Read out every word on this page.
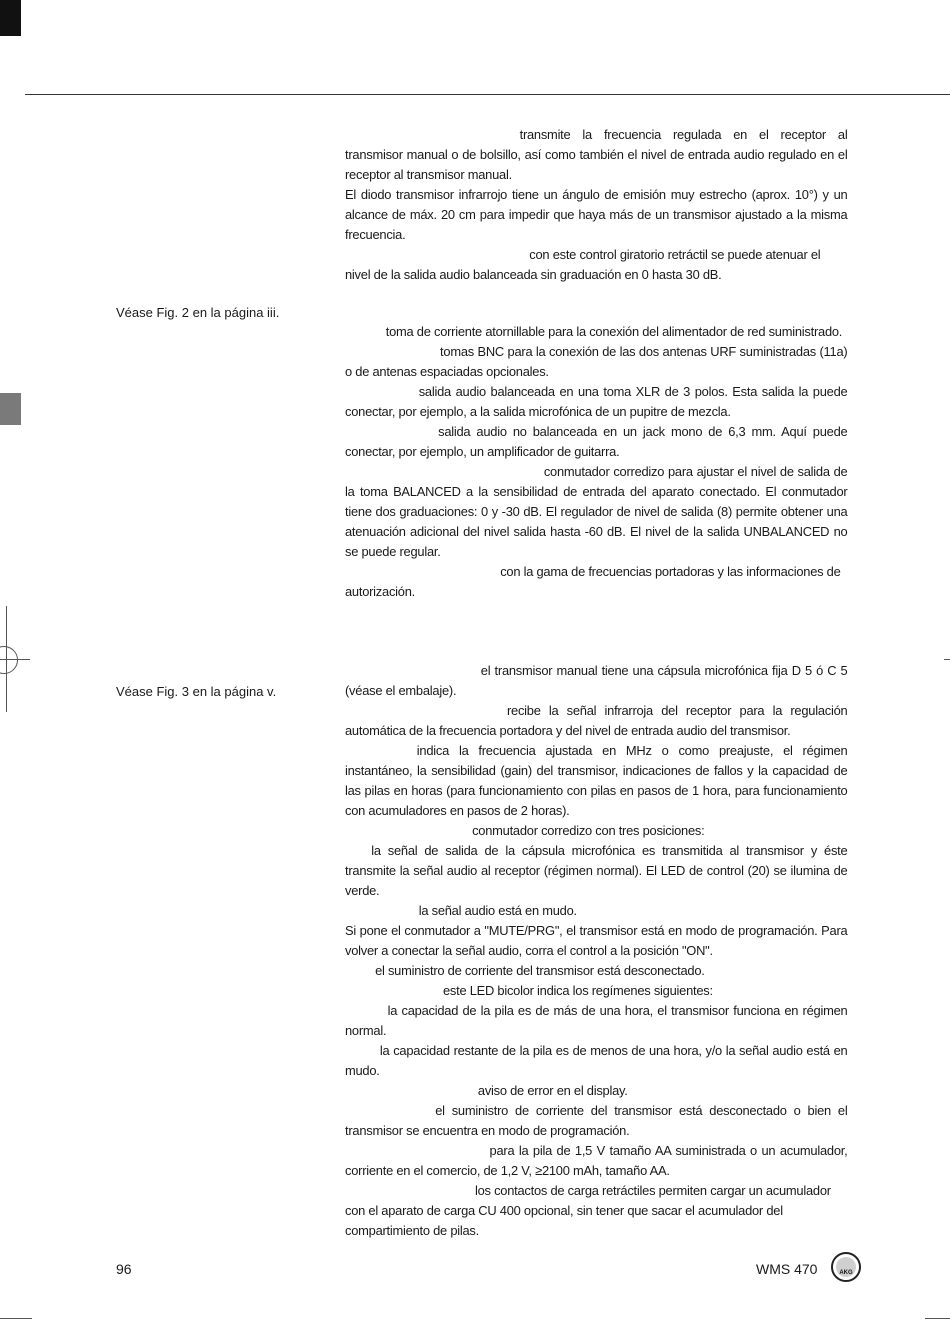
Véase Fig. 2 en la página iii.
Véase Fig. 3 en la página v.

transmite la frecuencia regulada en el receptor al transmisor manual o de bolsillo, así como también el nivel de entrada audio regulado en el receptor al transmisor manual.

El diodo transmisor infrarrojo tiene un ángulo de emisión muy estrecho (aprox. 10°) y un alcance de máx. 20 cm para impedir que haya más de un transmisor ajustado a la misma frecuencia.

con este control giratorio retráctil se puede atenuar el nivel de la salida audio balanceada sin graduación en 0 hasta 30 dB.

toma de corriente atornillable para la conexión del alimentador de red suministrado.

tomas BNC para la conexión de las dos antenas URF suministradas (11a) o de antenas espaciadas opcionales.

salida audio balanceada en una toma XLR de 3 polos. Esta salida la puede conectar, por ejemplo, a la salida microfónica de un pupitre de mezcla.

salida audio no balanceada en un jack mono de 6,3 mm. Aquí puede conectar, por ejemplo, un amplificador de guitarra.

conmutador corredizo para ajustar el nivel de salida de la toma BALANCED a la sensibilidad de entrada del aparato conectado. El conmutador tiene dos graduaciones: 0 y -30 dB. El regulador de nivel de salida (8) permite obtener una atenuación adicional del nivel salida hasta -60 dB. El nivel de la salida UNBALANCED no se puede regular.

con la gama de frecuencias portadoras y las informaciones de autorización.

el transmisor manual tiene una cápsula microfónica fija D 5 ó C 5 (véase el embalaje).

recibe la señal infrarroja del receptor para la regulación automática de la frecuencia portadora y del nivel de entrada audio del transmisor.

indica la frecuencia ajustada en MHz o como preajuste, el régimen instantáneo, la sensibilidad (gain) del transmisor, indicaciones de fallos y la capacidad de las pilas en horas (para funcionamiento con pilas en pasos de 1 hora, para funcionamiento con acumuladores en pasos de 2 horas).

conmutador corredizo con tres posiciones:

la señal de salida de la cápsula microfónica es transmitida al transmisor y éste transmite la señal audio al receptor (régimen normal). El LED de control (20) se ilumina de verde.

la señal audio está en mudo.

Si pone el conmutador a "MUTE/PRG", el transmisor está en modo de programación. Para volver a conectar la señal audio, corra el control a la posición "ON".

el suministro de corriente del transmisor está desconectado.

este LED bicolor indica los regímenes siguientes:

la capacidad de la pila es de más de una hora, el transmisor funciona en régimen normal.

la capacidad restante de la pila es de menos de una hora, y/o la señal audio está en mudo.

aviso de error en el display.

el suministro de corriente del transmisor está desconectado o bien el transmisor se encuentra en modo de programación.

para la pila de 1,5 V tamaño AA suministrada o un acumulador, corriente en el comercio, de 1,2 V, ≥2100 mAh, tamaño AA.

los contactos de carga retráctiles permiten cargar un acumulador con el aparato de carga CU 400 opcional, sin tener que sacar el acumulador del compartimiento de pilas.

96	WMS 470	AKG
